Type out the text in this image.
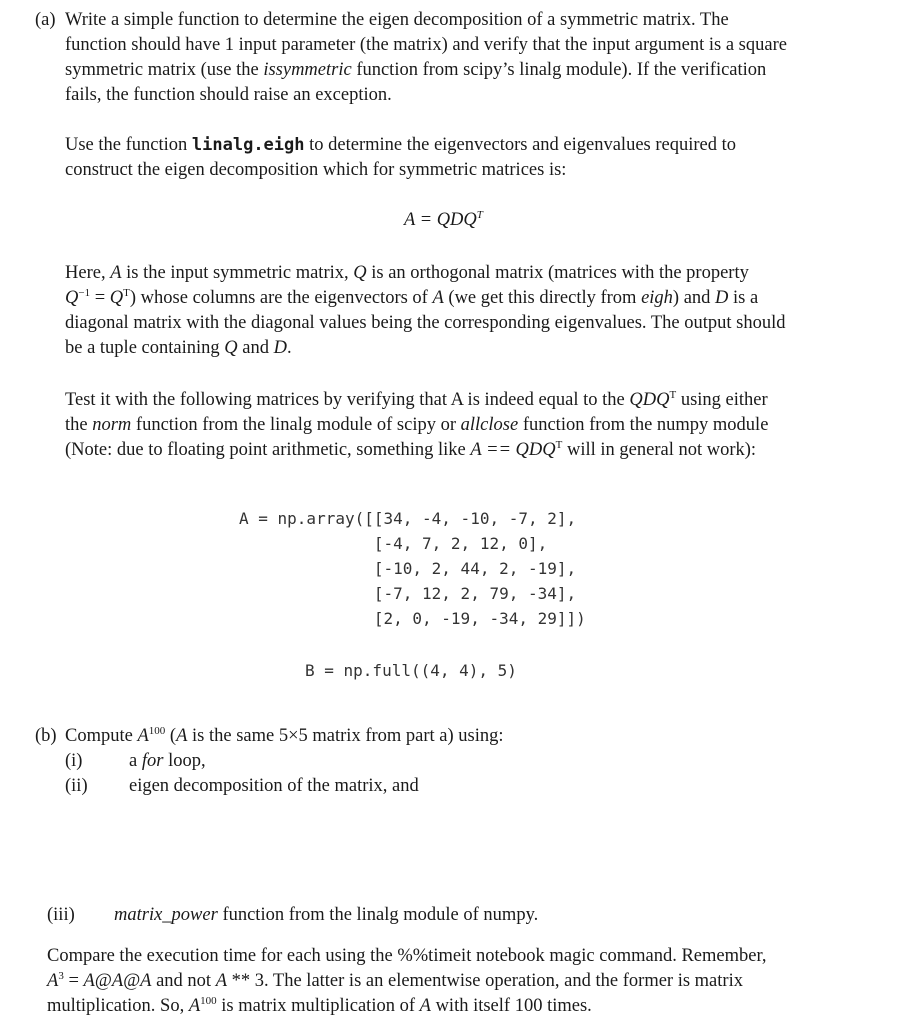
(a) Write a simple function to determine the eigen decomposition of a symmetric matrix. The
function should have 1 input parameter (the matrix) and verify that the input argument is a square
symmetric matrix (use the issymmetric function from scipy’s linalg module). If the verification
fails, the function should raise an exception.
Use the function linalg.eigh to determine the eigenvectors and eigenvalues required to
construct the eigen decomposition which for symmetric matrices is:
$A = QDQ^T$
Here, A is the input symmetric matrix, Q is an orthogonal matrix (matrices with the property
$Q^{-1} = Q^T$) whose columns are the eigenvectors of A (we get this directly from eigh) and D is a
diagonal matrix with the diagonal values being the corresponding eigenvalues. The output should
be a tuple containing Q and D.
Test it with the following matrices by verifying that A is indeed equal to the $QDQ^T$ using either
the norm function from the linalg module of scipy or allclose function from the numpy module
(Note: due to floating point arithmetic, something like $A == QDQ^T$ will in general not work):
A = np.array([[34, -4, -10, -7, 2],
[-4, 7, 2, 12, 0],
[-10, 2, 44, 2, -19],
[-7, 12, 2, 79, -34],
[2, 0, -19, -34, 29]])
B = np.full((4, 4), 5)
(b) Compute $A^{100}$ (A is the same 5×5 matrix from part a) using:
(i)	a for loop,
(ii) eigen decomposition of the matrix, and
(iii) matrix_power function from the linalg module of numpy.
Compare the execution time for each using the %%timeit notebook magic command. Remember,
$A^3$ = A@A@A and not A ** 3. The latter is an elementwise operation, and the former is matrix
multiplication. So, $A^{100}$ is matrix multiplication of A with itself 100 times.
